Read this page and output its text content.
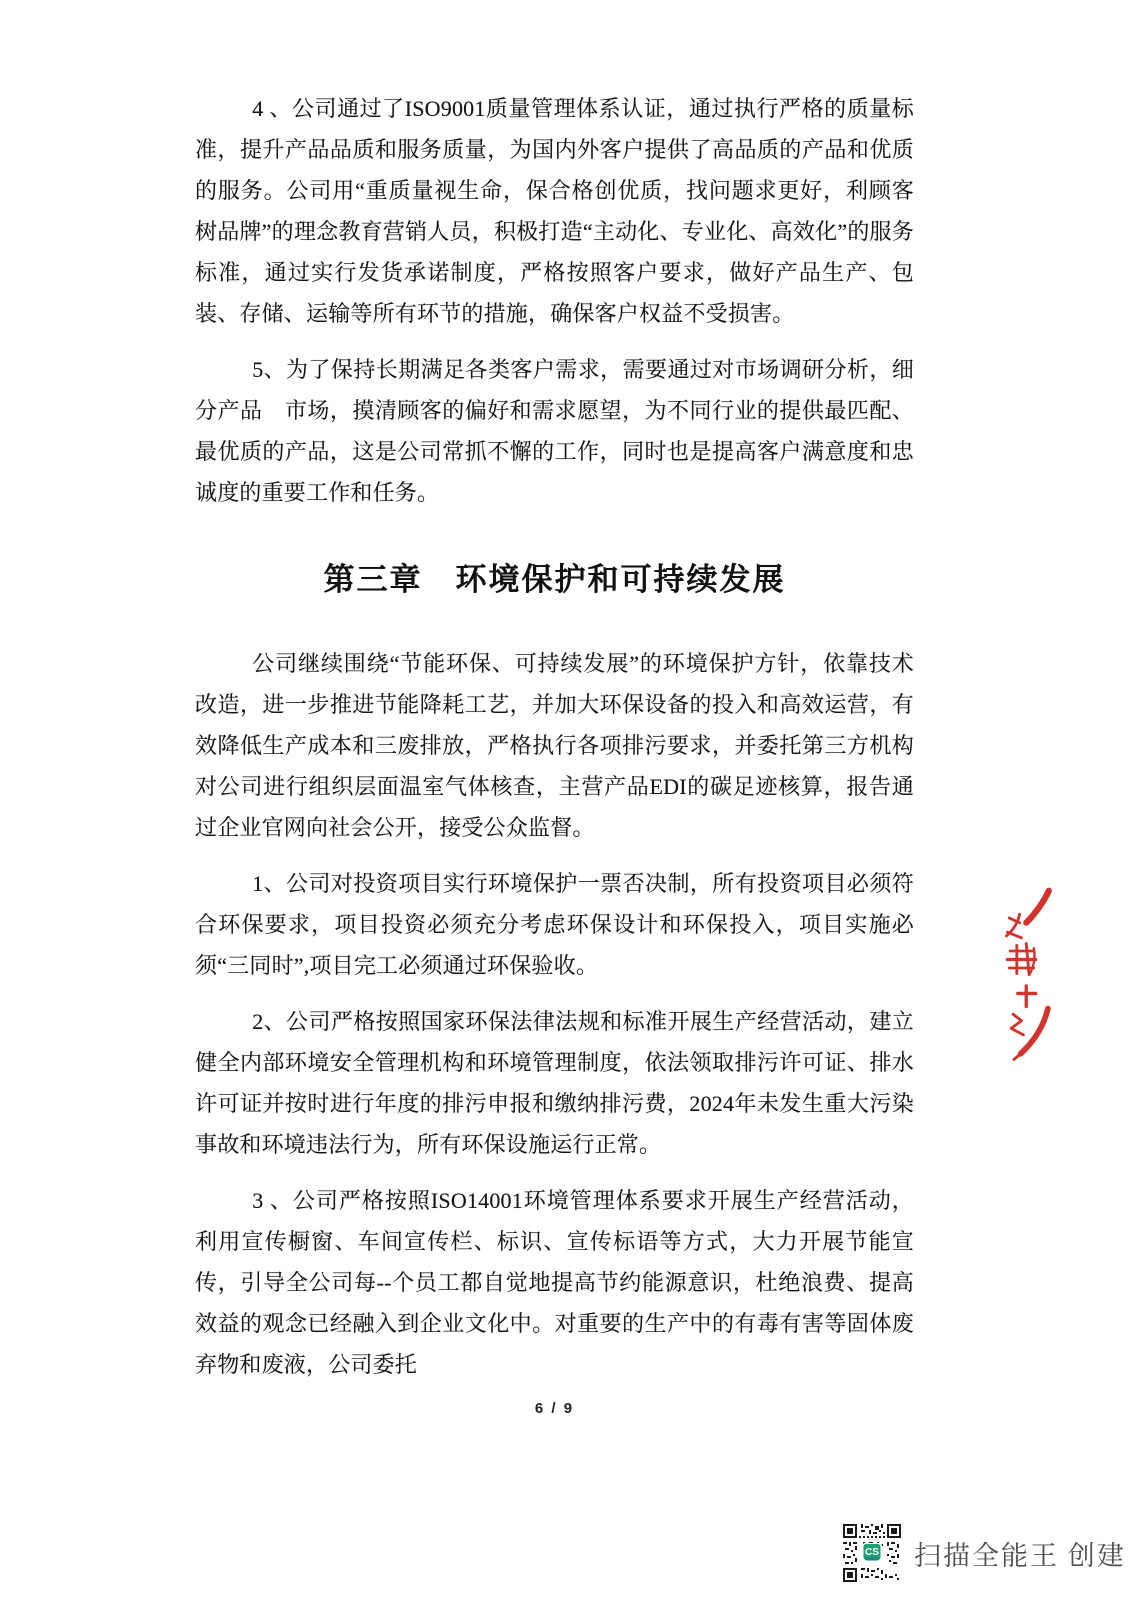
4 、公司通过了ISO9001质量管理体系认证，通过执行严格的质量标准，提升产品品质和服务质量，为国内外客户提供了高品质的产品和优质的服务。公司用“重质量视生命，保合格创优质，找问题求更好，利顾客树品牌”的理念教育营销人员，积极打造“主动化、专业化、高效化”的服务标准，通过实行发货承诺制度，严格按照客户要求，做好产品生产、包装、存储、运输等所有环节的措施，确保客户权益不受损害。

5、为了保持长期满足各类客户需求，需要通过对市场调研分析，细分产品　市场，摸清顾客的偏好和需求愿望，为不同行业的提供最匹配、最优质的产品，这是公司常抓不懈的工作，同时也是提高客户满意度和忠诚度的重要工作和任务。

第三章　环境保护和可持续发展

公司继续围绕“节能环保、可持续发展”的环境保护方针，依靠技术改造，进一步推进节能降耗工艺，并加大环保设备的投入和高效运营，有效降低生产成本和三废排放，严格执行各项排污要求，并委托第三方机构对公司进行组织层面温室气体核查，主营产品EDI的碳足迹核算，报告通过企业官网向社会公开，接受公众监督。

1、公司对投资项目实行环境保护一票否决制，所有投资项目必须符合环保要求，项目投资必须充分考虑环保设计和环保投入，项目实施必须“三同时”,项目完工必须通过环保验收。

2、公司严格按照国家环保法律法规和标准开展生产经营活动，建立健全内部环境安全管理机构和环境管理制度，依法领取排污许可证、排水许可证并按时进行年度的排污申报和缴纳排污费，2024年未发生重大污染事故和环境违法行为，所有环保设施运行正常。

3 、公司严格按照ISO14001环境管理体系要求开展生产经营活动，利用宣传橱窗、车间宣传栏、标识、宣传标语等方式，大力开展节能宣传，引导全公司每--个员工都自觉地提高节约能源意识，杜绝浪费、提高效益的观念已经融入到企业文化中。对重要的生产中的有毒有害等固体废弃物和废液，公司委托

6 / 9
CS 扫描全能王 创建
